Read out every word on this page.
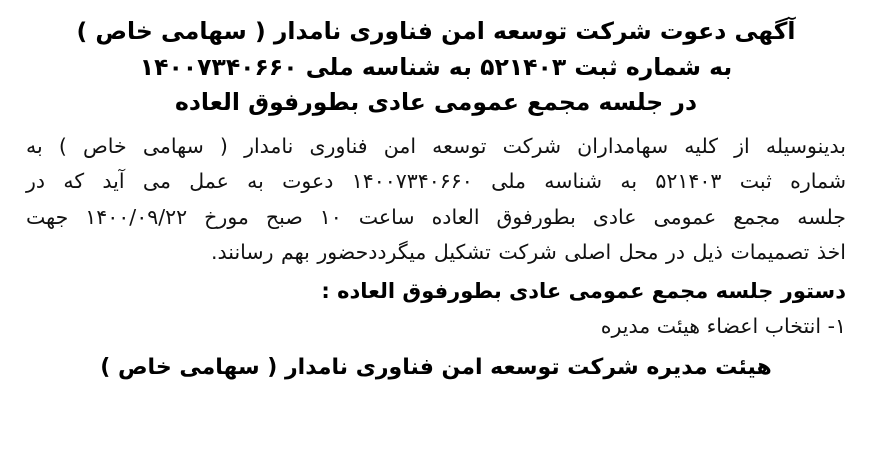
آگهی دعوت شرکت توسعه امن فناوری نامدار ( سهامی خاص )
به شماره ثبت ۵۲۱۴۰۳ به شناسه ملی ۱۴۰۰۷۳۴۰۶۶۰
در جلسه مجمع عمومی عادی بطورفوق العاده
بدینوسیله از کلیه سهامداران شرکت توسعه امن فناوری نامدار ( سهامی خاص ) به
شماره ثبت ۵۲۱۴۰۳ به شناسه ملی ۱۴۰۰۷۳۴۰۶۶۰ دعوت به عمل می آید که در
جلسه مجمع عمومی عادی بطورفوق العاده ساعت ۱۰ صبح مورخ ۱۴۰۰/۰۹/۲۲ جهت
اخذ تصمیمات ذیل در محل اصلی شرکت تشکیل میگرددحضور بهم رسانند.
دستور جلسه مجمع عمومی عادی بطورفوق العاده :
۱- انتخاب اعضاء هیئت مدیره
هیئت مدیره شرکت توسعه امن فناوری نامدار ( سهامی خاص )
